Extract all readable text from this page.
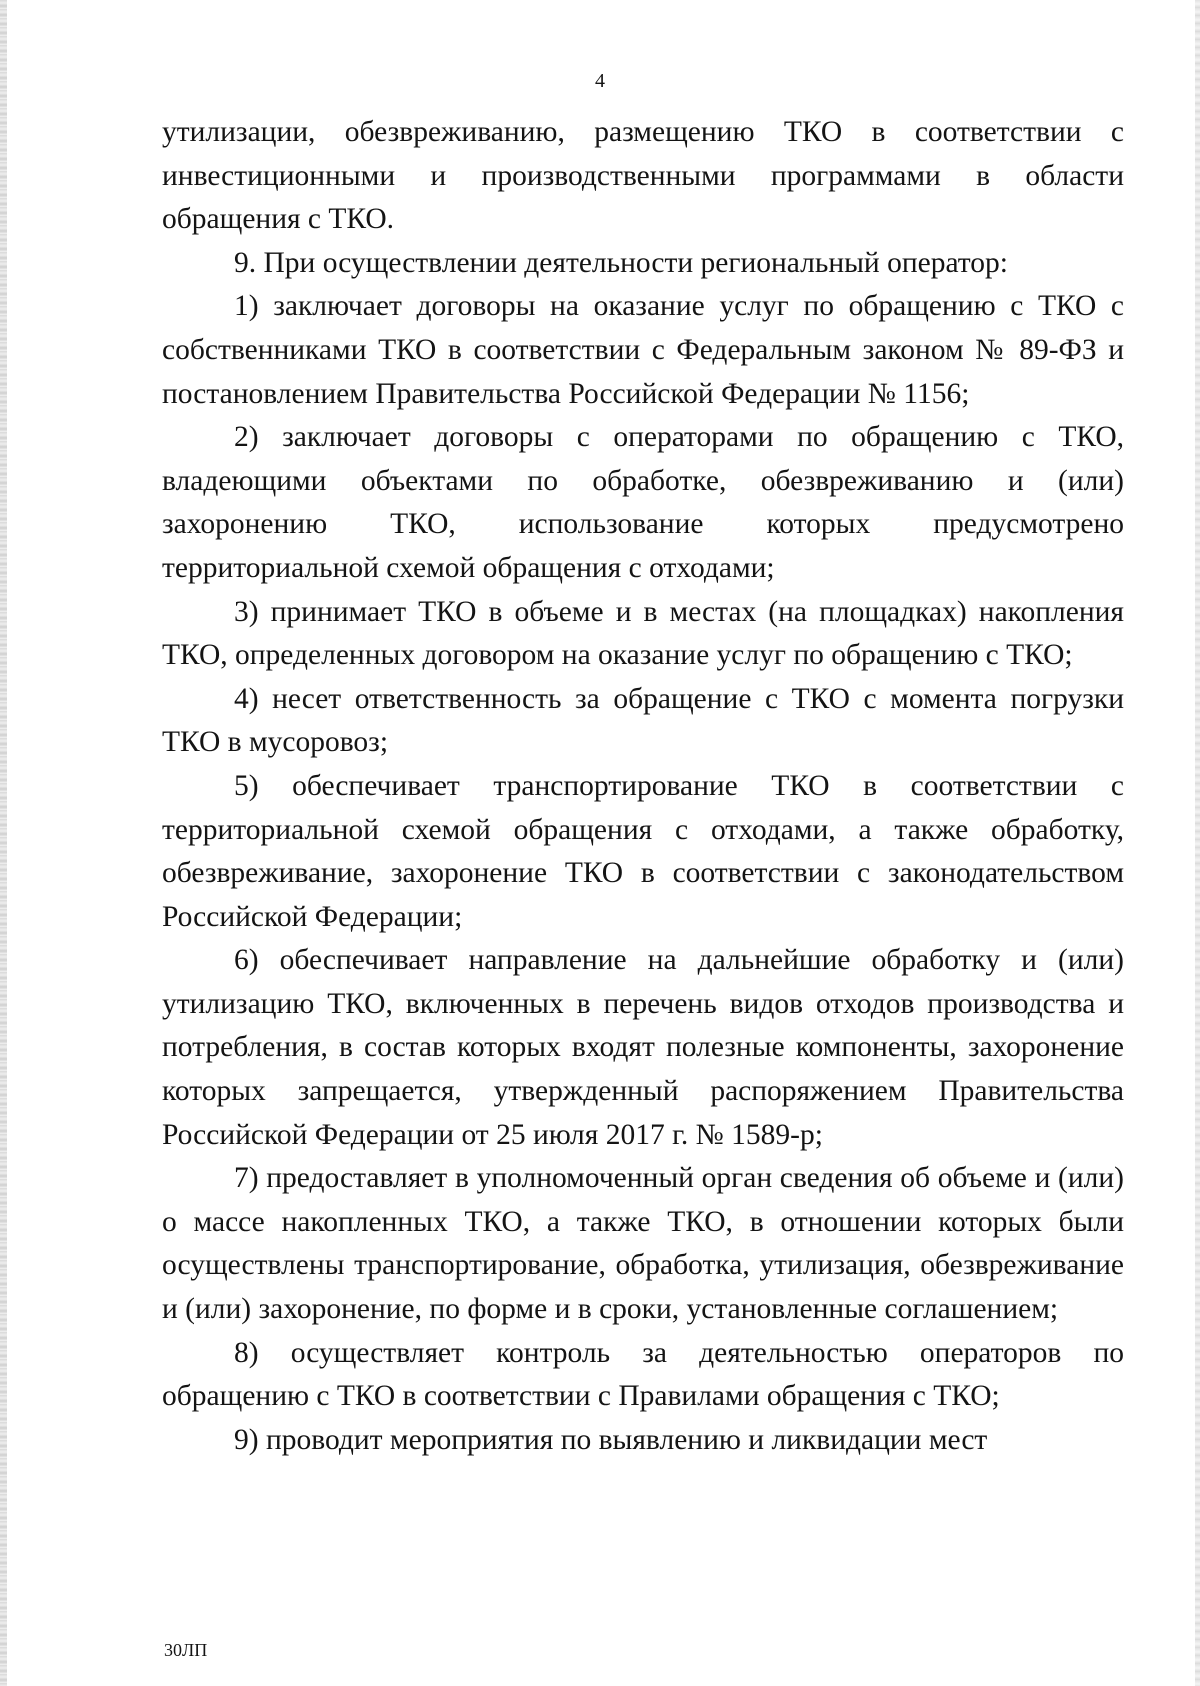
4

утилизации, обезвреживанию, размещению ТКО в соответствии с инвестиционными и производственными программами в области обращения с ТКО.

9. При осуществлении деятельности региональный оператор:

1) заключает договоры на оказание услуг по обращению с ТКО с собственниками ТКО в соответствии с Федеральным законом № 89-ФЗ и постановлением Правительства Российской Федерации № 1156;

2) заключает договоры с операторами по обращению с ТКО, владеющими объектами по обработке, обезвреживанию и (или) захоронению ТКО, использование которых предусмотрено территориальной схемой обращения с отходами;

3) принимает ТКО в объеме и в местах (на площадках) накопления ТКО, определенных договором на оказание услуг по обращению с ТКО;

4) несет ответственность за обращение с ТКО с момента погрузки ТКО в мусоровоз;

5) обеспечивает транспортирование ТКО в соответствии с территориальной схемой обращения с отходами, а также обработку, обезвреживание, захоронение ТКО в соответствии с законодательством Российской Федерации;

6) обеспечивает направление на дальнейшие обработку и (или) утилизацию ТКО, включенных в перечень видов отходов производства и потребления, в состав которых входят полезные компоненты, захоронение которых запрещается, утвержденный распоряжением Правительства Российской Федерации от 25 июля 2017 г. № 1589-р;

7) предоставляет в уполномоченный орган сведения об объеме и (или) о массе накопленных ТКО, а также ТКО, в отношении которых были осуществлены транспортирование, обработка, утилизация, обезвреживание и (или) захоронение, по форме и в сроки, установленные соглашением;

8) осуществляет контроль за деятельностью операторов по обращению с ТКО в соответствии с Правилами обращения с ТКО;

9) проводит мероприятия по выявлению и ликвидации мест

30ЛП
